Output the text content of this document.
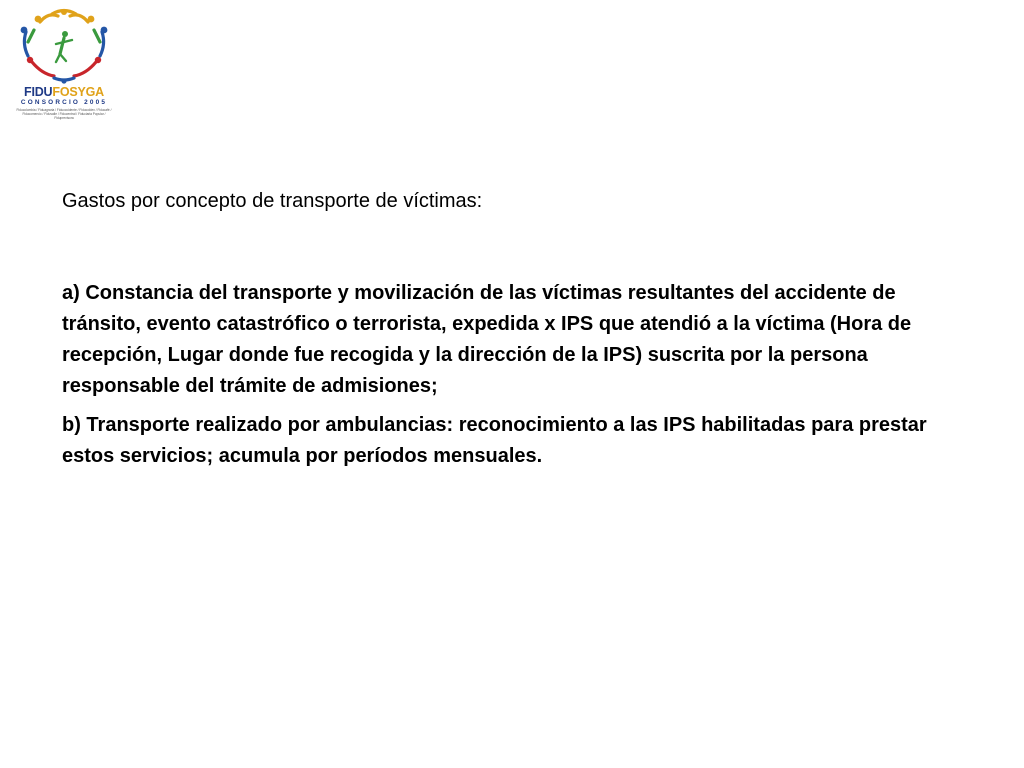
FIDUFOSYGA
CONSORCIO 2005
Fiducolombia / Fiduagraria / Fiduoccidente / Fiducoldex / Fiducafé / Fiducomercio / Fiduvalle / Fiducentral / Fiduciaria Popular / Fiduprevisora

Gastos por concepto de transporte de víctimas:

a) Constancia del transporte y movilización de las víctimas resultantes del accidente de tránsito, evento catastrófico o terrorista, expedida x IPS que atendió a la víctima (Hora de recepción, Lugar donde fue recogida y la dirección de la IPS) suscrita por la persona responsable del trámite de admisiones;

b) Transporte realizado por ambulancias: reconocimiento a las IPS habilitadas para prestar estos servicios; acumula por períodos mensuales.
